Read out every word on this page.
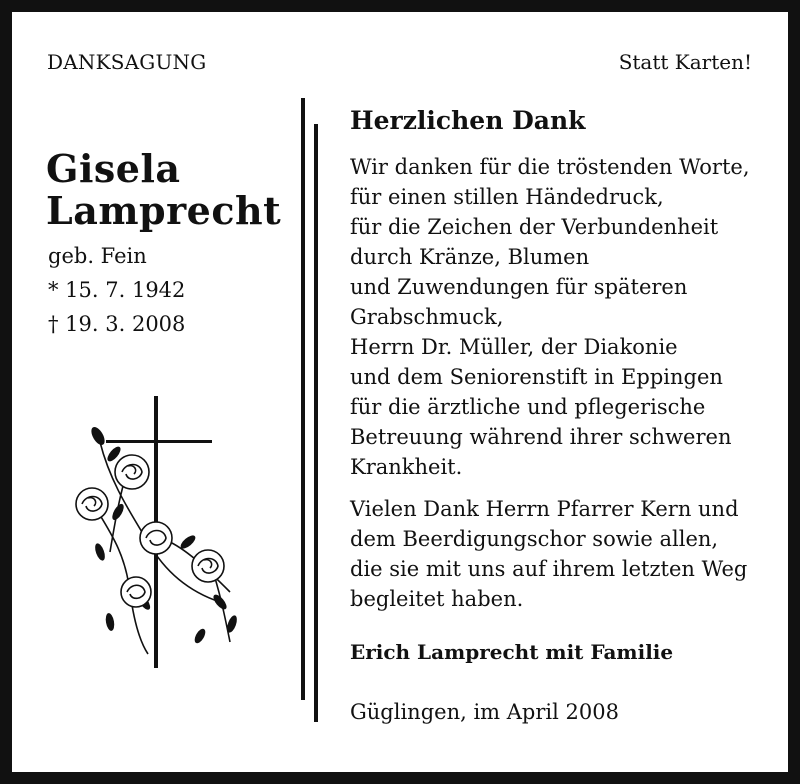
DANKSAGUNG	Statt Karten!
Gisela
Lamprecht
geb. Fein
* 15. 7. 1942
† 19. 3. 2008
Herzlichen Dank
Wir danken für die tröstenden Worte,
für einen stillen Händedruck,
für die Zeichen der Verbundenheit
durch Kränze, Blumen
und Zuwendungen für späteren
Grabschmuck,
Herrn Dr. Müller, der Diakonie
und dem Seniorenstift in Eppingen
für die ärztliche und pflegerische
Betreuung während ihrer schweren
Krankheit.
Vielen Dank Herrn Pfarrer Kern und
dem Beerdigungschor sowie allen,
die sie mit uns auf ihrem letzten Weg
begleitet haben.
Erich Lamprecht mit Familie
Güglingen, im April 2008
